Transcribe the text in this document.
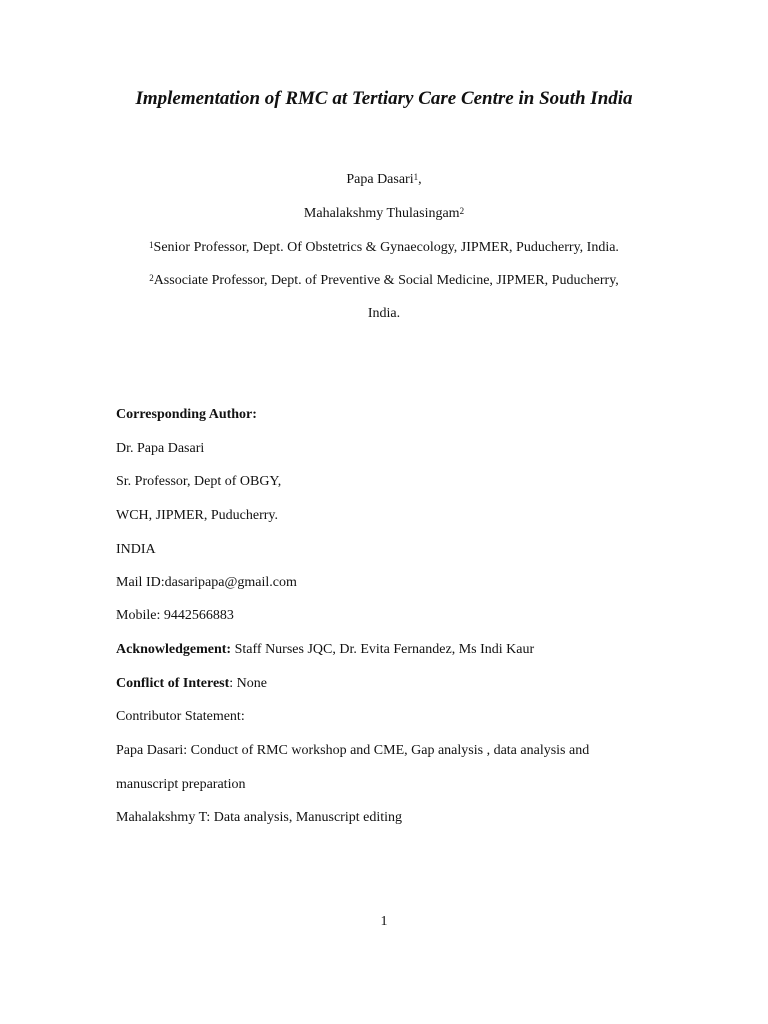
Implementation of RMC at Tertiary Care Centre in South India
Papa Dasari$^1$,
Mahalakshmy Thulasingam$^2$
$^1$Senior Professor, Dept. Of Obstetrics & Gynaecology, JIPMER, Puducherry, India.
$^2$Associate Professor, Dept. of Preventive & Social Medicine, JIPMER, Puducherry,
India.
Corresponding Author:
Dr. Papa Dasari
Sr. Professor, Dept of OBGY,
WCH, JIPMER, Puducherry.
INDIA
Mail ID:dasaripapa@gmail.com
Mobile: 9442566883
Acknowledgement: Staff Nurses JQC, Dr. Evita Fernandez, Ms Indi Kaur
Conflict of Interest: None
Contributor Statement:
Papa Dasari: Conduct of RMC workshop and CME, Gap analysis , data analysis and
manuscript preparation
Mahalakshmy T: Data analysis, Manuscript editing
1
